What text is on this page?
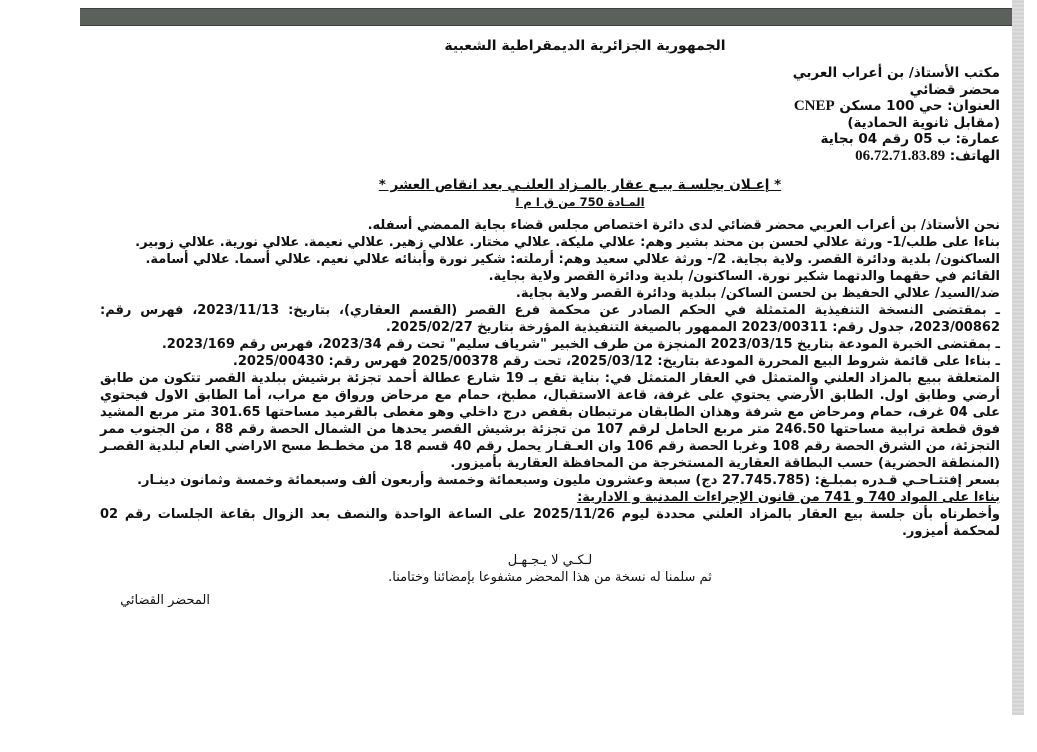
الجمهورية الجزائرية الديمقراطية الشعبية
مكتب الأستاذ/ بن أعراب العربي
محضر قضائي
العنوان: حي 100 مسكن CNEP
(مقابل ثانوية الحمادية)
عمارة: ب 05 رقم 04 بجاية
الهاتف: 06.72.71.83.89
* إعـلان بجلسـة بيـع عقار بالمـزاد العلنـي بعد انقاص العشر *
المـادة 750 من ق ا م ا

نحن الأستاذ/ بن أعراب العربي محضر قضائي لدى دائرة اختصاص مجلس قضاء بجاية الممضي أسفله.

بناءا على طلب/1- ورثة علالي لحسن بن محند بشير وهم: علالي مليكة. علالي مختار. علالي زهير. علالي نعيمة. علالي نورية. علالي زوبير.

الساكنون/ بلدية ودائرة القصر. ولاية بجاية. 2/- ورثة علالي سعيد وهم: أرملته: شكير نورة وأبنائه علالي نعيم. علالي أسما. علالي أسامة.

القائم في حقهما والدتهما شكير نورة. الساكنون/ بلدية ودائرة القصر ولاية بجاية.

ضد/السيد/ علالي الحفيظ بن لحسن الساكن/ ببلدية ودائرة القصر ولاية بجاية.

ـ بمقتضى النسخة التنفيذية المتمثلة في الحكم الصادر عن محكمة فرع القصر (القسم العقاري)، بتاريخ: 2023/11/13، فهرس رقم: 2023/00862، جدول رقم: 2023/00311 الممهور بالصيغة التنفيذية المؤرخة بتاريخ 2025/02/27.

ـ بمقتضى الخبرة المودعة بتاريخ 2023/03/15 المنجزة من طرف الخبير "شرياف سليم" تحت رقم 2023/34، فهرس رقم 2023/169.

ـ بناءا على قائمة شروط البيع المحررة المودعة بتاريخ: 2025/03/12، تحت رقم 2025/00378 فهرس رقم: 2025/00430.

المتعلقة ببيع بالمزاد العلني والمتمثل في العقار المتمثل في: بناية تقع بـ 19 شارع عطالة أحمد تجزئة برشيش ببلدية القصر تتكون من طابق أرضي وطابق اول. الطابق الأرضي يحتوي على غرفة، قاعة الاستقبال، مطبخ، حمام مع مرحاض ورواق مع مراب، أما الطابق الاول فيحتوي على 04 غرف، حمام ومرحاض مع شرفة وهذان الطابقان مرتبطان بقفص درج داخلي وهو مغطى بالقرميد مساحتها 301.65 متر مربع المشيد فوق قطعة ترابية مساحتها 246.50 متر مربع الحامل لرقم 107 من تجزئة برشيش القصر يحدها من الشمال الحصة رقم 88 ، من الجنوب ممر التجزئة، من الشرق الحصة رقم 108 وغربا الحصة رقم 106 وان العـقـار يحمل رقم 40 قسم 18 من مخطـط مسح الاراضي العام لبلدية القصـر (المنطقة الحضرية) حسب البطاقة العقارية المستخرجة من المحافظة العقارية بأميزور.

بسعر إفتتـاحـي قـدره بمبلـغ: (27.745.785 دج) سبعة وعشرون مليون وسبعمائة وخمسة وأربعون ألف وسبعمائة وخمسة وثمانون دينـار.

بناءا على المواد 740 و 741 من قانون الإجراءات المدنية و الادارية:

وأخطرناه بأن جلسة بيع العقار بالمزاد العلني محددة ليوم 2025/11/26 على الساعة الواحدة والنصف بعد الزوال بقاعة الجلسات رقم 02 لمحكمة أميزور.

لـكـي لا يـجـهـل

ثم سلمنا له نسخة من هذا المحضر مشفوعا بإمضائنا وختامنا.

المحضر القضائي
